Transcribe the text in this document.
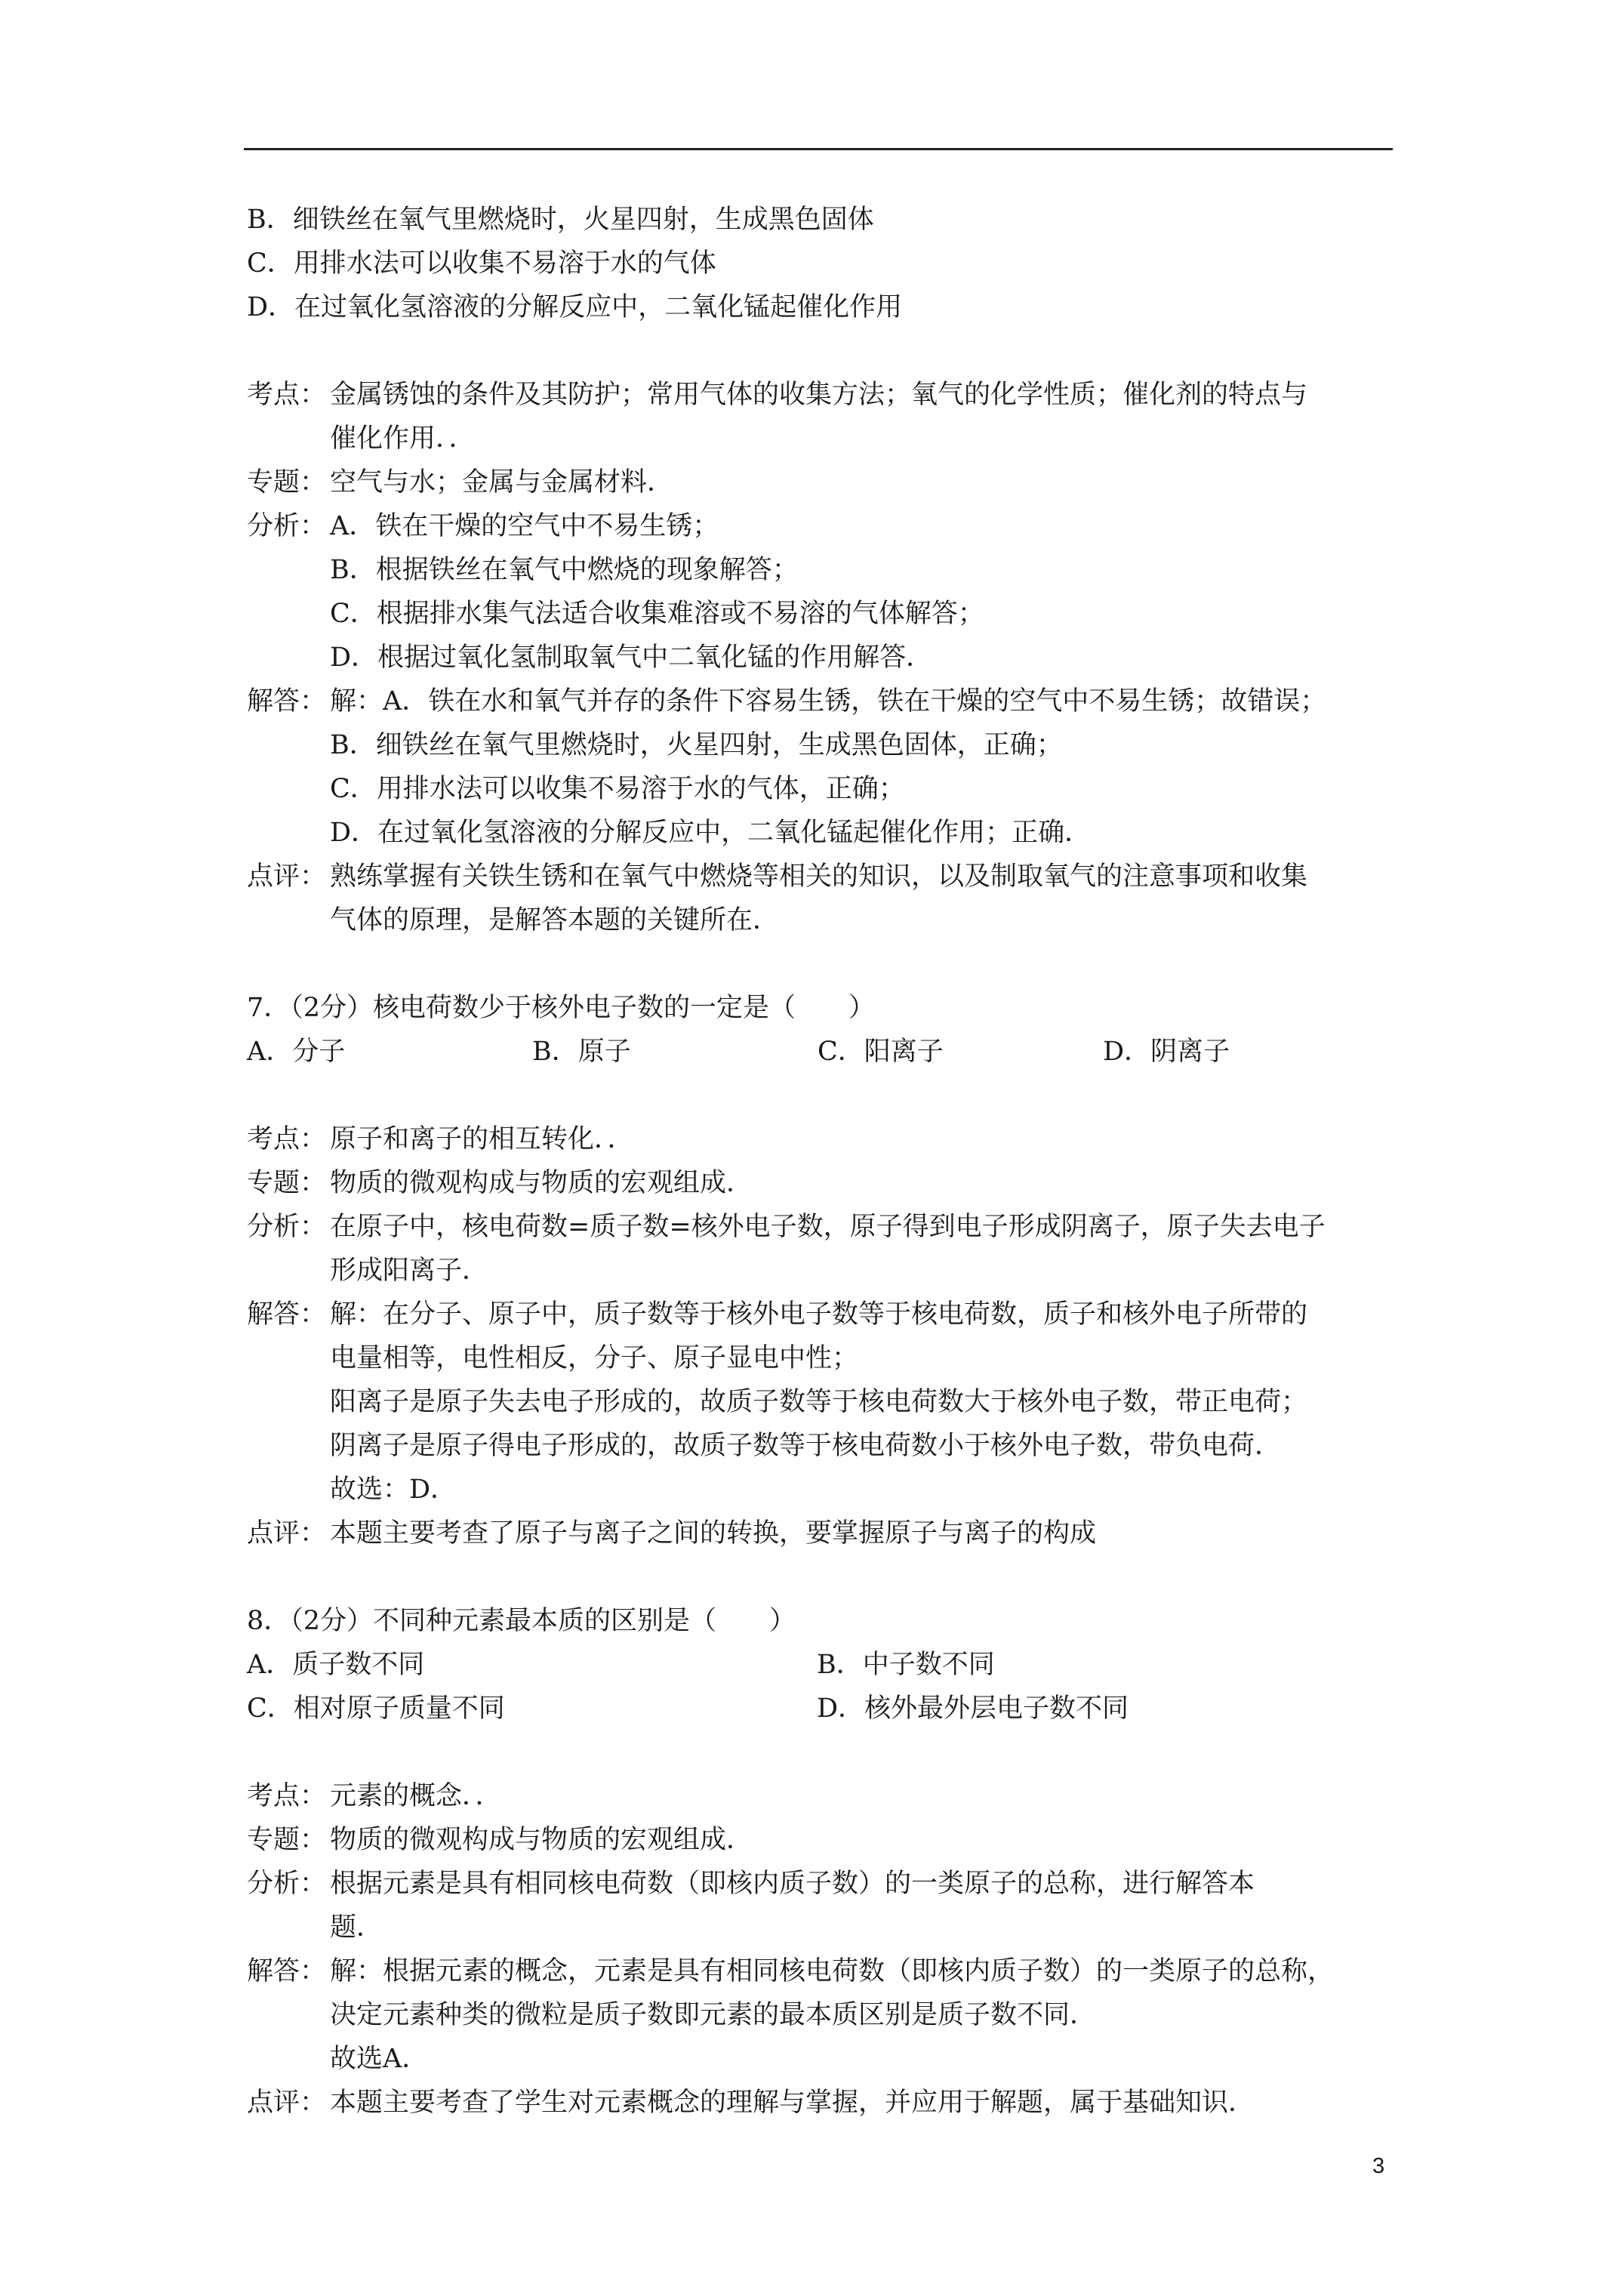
B．细铁丝在氧气里燃烧时，火星四射，生成黑色固体
C．用排水法可以收集不易溶于水的气体
D．在过氧化氢溶液的分解反应中，二氧化锰起催化作用
考点： 金属锈蚀的条件及其防护；常用气体的收集方法；氧气的化学性质；催化剂的特点与
催化作用．．
专题： 空气与水；金属与金属材料．
分析： A．铁在干燥的空气中不易生锈；
B．根据铁丝在氧气中燃烧的现象解答；
C．根据排水集气法适合收集难溶或不易溶的气体解答；
D．根据过氧化氢制取氧气中二氧化锰的作用解答．
解答： 解：A．铁在水和氧气并存的条件下容易生锈，铁在干燥的空气中不易生锈；故错误；
B．细铁丝在氧气里燃烧时，火星四射，生成黑色固体，正确；
C．用排水法可以收集不易溶于水的气体，正确；
D．在过氧化氢溶液的分解反应中，二氧化锰起催化作用；正确．
点评： 熟练掌握有关铁生锈和在氧气中燃烧等相关的知识，以及制取氧气的注意事项和收集
气体的原理，是解答本题的关键所在．
7．（2分）核电荷数少于核外电子数的一定是（　　）
A．分子	B．原子	C．阳离子	D．阴离子
考点： 原子和离子的相互转化．．
专题： 物质的微观构成与物质的宏观组成．
分析： 在原子中，核电荷数=质子数=核外电子数，原子得到电子形成阴离子，原子失去电子
形成阳离子．
解答： 解：在分子、原子中，质子数等于核外电子数等于核电荷数，质子和核外电子所带的
电量相等，电性相反，分子、原子显电中性；
阳离子是原子失去电子形成的，故质子数等于核电荷数大于核外电子数，带正电荷；
阴离子是原子得电子形成的，故质子数等于核电荷数小于核外电子数，带负电荷．
故选：D．
点评： 本题主要考查了原子与离子之间的转换，要掌握原子与离子的构成
8．（2分）不同种元素最本质的区别是（　　）
A．质子数不同	B．中子数不同
C．相对原子质量不同	D．核外最外层电子数不同
考点： 元素的概念．．
专题： 物质的微观构成与物质的宏观组成．
分析： 根据元素是具有相同核电荷数（即核内质子数）的一类原子的总称，进行解答本
题．
解答： 解：根据元素的概念，元素是具有相同核电荷数（即核内质子数）的一类原子的总称，
决定元素种类的微粒是质子数即元素的最本质区别是质子数不同．
故选A．
点评： 本题主要考查了学生对元素概念的理解与掌握，并应用于解题，属于基础知识．
3
